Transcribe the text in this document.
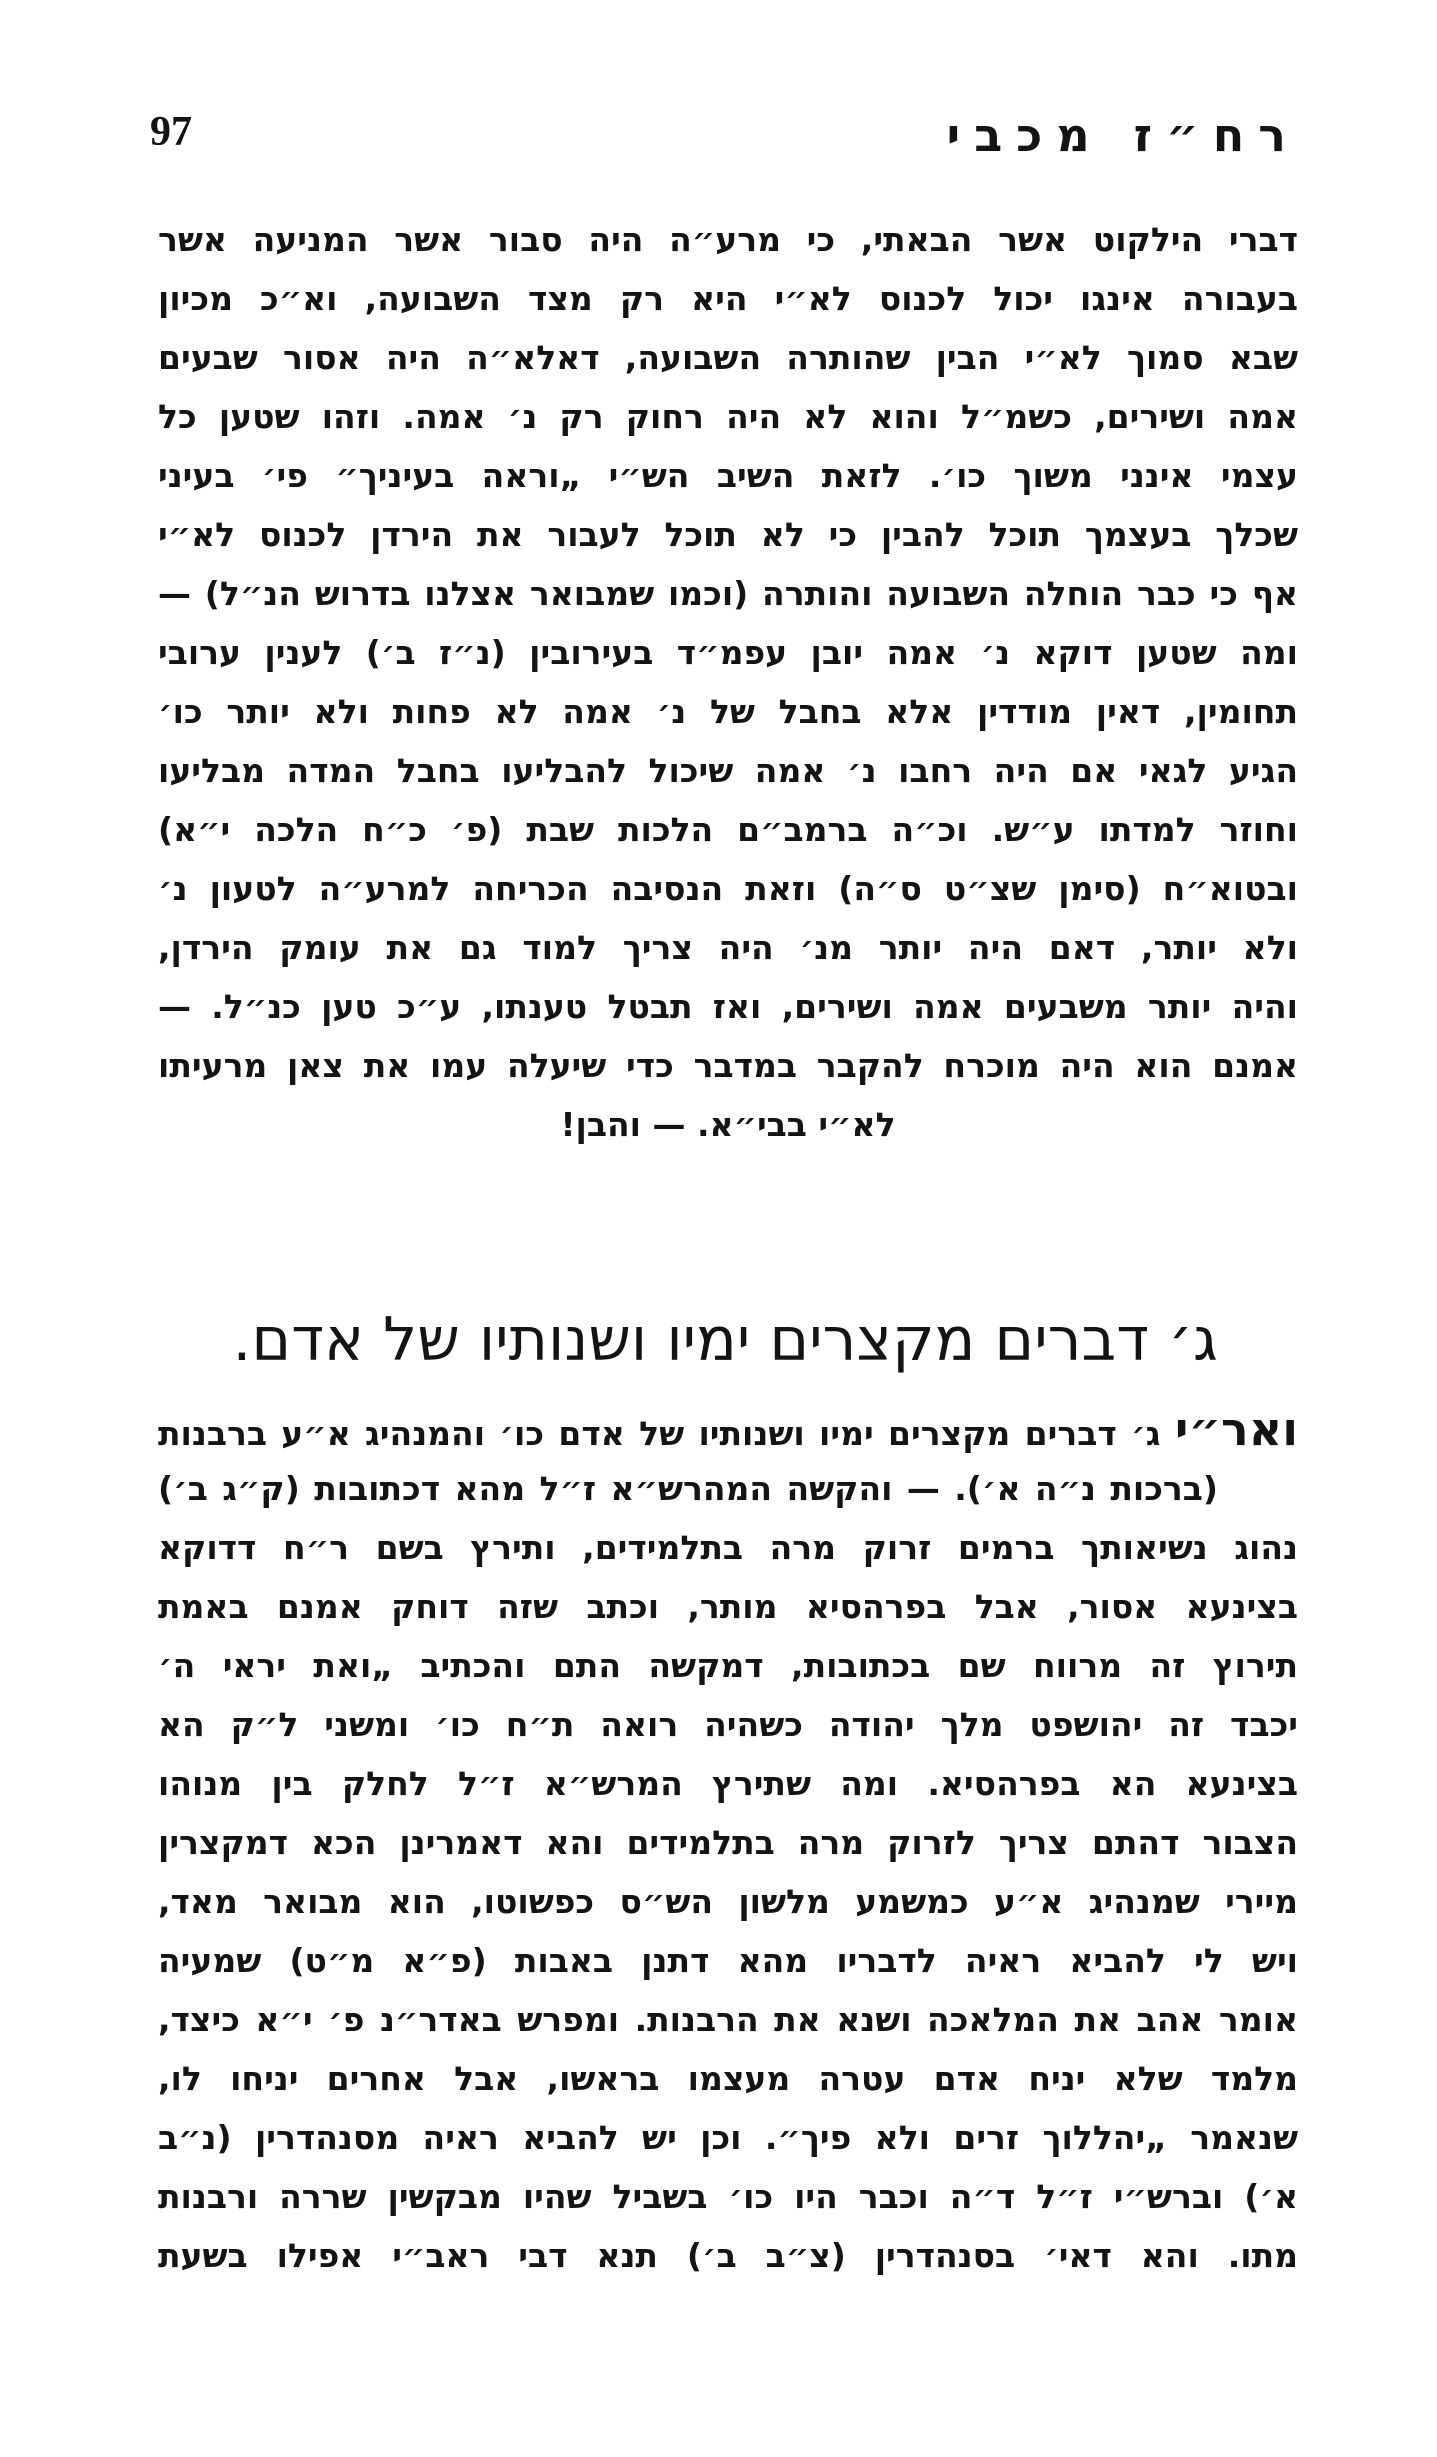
97	רח״ז מכבי
דברי הילקוט אשר הבאתי, כי מרע״ה היה סבור אשר המניעה אשר
בעבורה אינגו יכול לכנוס לא״י היא רק מצד השבועה, וא״כ מכיון
שבא סמוך לא״י הבין שהותרה השבועה, דאלא״ה היה אסור שבעים
אמה ושירים, כשמ״ל והוא לא היה רחוק רק נ׳ אמה. וזהו שטען כל
עצמי אינני משוך כו׳. לזאת השיב הש״י „וראה בעיניך״ פי׳ בעיני
שכלך בעצמך תוכל להבין כי לא תוכל לעבור את הירדן לכנוס לא״י
אף כי כבר הוחלה השבועה והותרה (וכמו שמבואר אצלנו בדרוש הנ״ל) —
ומה שטען דוקא נ׳ אמה יובן עפמ״ד בעירובין (נ״ז ב׳) לענין ערובי
תחומין, דאין מודדין אלא בחבל של נ׳ אמה לא פחות ולא יותר כו׳
הגיע לגאי אם היה רחבו נ׳ אמה שיכול להבליעו בחבל המדה מבליעו
וחוזר למדתו ע״ש. וכ״ה ברמב״ם הלכות שבת (פ׳ כ״ח הלכה י״א)
ובטוא״ח (סימן שצ״ט ס״ה) וזאת הנסיבה הכריחה למרע״ה לטעון נ׳
ולא יותר, דאם היה יותר מנ׳ היה צריך למוד גם את עומק הירדן,
והיה יותר משבעים אמה ושירים, ואז תבטל טענתו, ע״כ טען כנ״ל. —
אמנם הוא היה מוכרח להקבר במדבר כדי שיעלה עמו את צאן מרעיתו
לא״י בבי״א. — והבן!
ג׳ דברים מקצרים ימיו ושנותיו של אדם.
ואר״י ג׳ דברים מקצרים ימיו ושנותיו של אדם כו׳ והמנהיג א״ע ברבנות
(ברכות נ״ה א׳). — והקשה המהרש״א ז״ל מהא דכתובות (ק״ג ב׳)
נהוג נשיאותך ברמים זרוק מרה בתלמידים, ותירץ בשם ר״ח דדוקא
בצינעא אסור, אבל בפרהסיא מותר, וכתב שזה דוחק אמנם באמת
תירוץ זה מרווח שם בכתובות, דמקשה התם והכתיב „ואת יראי ה׳
יכבד זה יהושפט מלך יהודה כשהיה רואה ת״ח כו׳ ומשני ל״ק הא
בצינעא הא בפרהסיא. ומה שתירץ המרש״א ז״ל לחלק בין מנוהו
הצבור דהתם צריך לזרוק מרה בתלמידים והא דאמרינן הכא דמקצרין
מיירי שמנהיג א״ע כמשמע מלשון הש״ס כפשוטו, הוא מבואר מאד,
ויש לי להביא ראיה לדבריו מהא דתנן באבות (פ״א מ״ט) שמעיה
אומר אהב את המלאכה ושנא את הרבנות. ומפרש באדר״נ פ׳ י״א כיצד,
מלמד שלא יניח אדם עטרה מעצמו בראשו, אבל אחרים יניחו לו,
שנאמר „יהללוך זרים ולא פיך״. וכן יש להביא ראיה מסנהדרין (נ״ב
א׳) וברש״י ז״ל ד״ה וכבר היו כו׳ בשביל שהיו מבקשין שררה ורבנות
מתו. והא דאי׳ בסנהדרין (צ״ב ב׳) תנא דבי ראב״י אפילו בשעת
